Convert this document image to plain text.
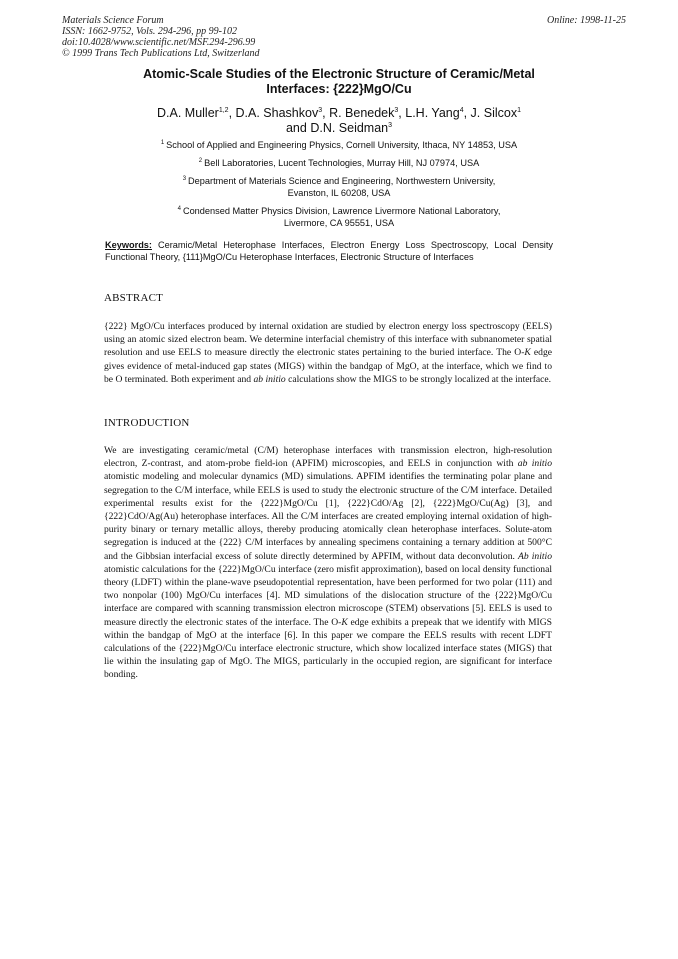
Materials Science Forum
ISSN: 1662-9752, Vols. 294-296, pp 99-102
doi:10.4028/www.scientific.net/MSF.294-296.99
© 1999 Trans Tech Publications Ltd, Switzerland
Online: 1998-11-25
Atomic-Scale Studies of the Electronic Structure of Ceramic/Metal
Interfaces: {222}MgO/Cu
D.A. Muller$^{1,2}$, D.A. Shashkov$^3$, R. Benedek$^3$, L.H. Yang$^4$, J. Silcox$^1$
and D.N. Seidman$^3$
$^1$ School of Applied and Engineering Physics, Cornell University, Ithaca, NY 14853, USA
$^2$ Bell Laboratories, Lucent Technologies, Murray Hill, NJ 07974, USA
$^3$ Department of Materials Science and Engineering, Northwestern University,
Evanston, IL 60208, USA
$^4$ Condensed Matter Physics Division, Lawrence Livermore National Laboratory,
Livermore, CA 95551, USA
Keywords: Ceramic/Metal Heterophase Interfaces, Electron Energy Loss Spectroscopy, Local Density Functional Theory, {111}MgO/Cu Heterophase Interfaces, Electronic Structure of Interfaces
ABSTRACT
{222} MgO/Cu interfaces produced by internal oxidation are studied by electron energy loss spectroscopy (EELS) using an atomic sized electron beam. We determine interfacial chemistry of this interface with subnanometer spatial resolution and use EELS to measure directly the electronic states pertaining to the buried interface. The O-K edge gives evidence of metal-induced gap states (MIGS) within the bandgap of MgO, at the interface, which we find to be O terminated. Both experiment and ab initio calculations show the MIGS to be strongly localized at the interface.
INTRODUCTION
We are investigating ceramic/metal (C/M) heterophase interfaces with transmission electron, high-resolution electron, Z-contrast, and atom-probe field-ion (APFIM) microscopies, and EELS in conjunction with ab initio atomistic modeling and molecular dynamics (MD) simulations. APFIM identifies the terminating polar plane and segregation to the C/M interface, while EELS is used to study the electronic structure of the C/M interface. Detailed experimental results exist for the {222}MgO/Cu [1], {222}CdO/Ag [2], {222}MgO/Cu(Ag) [3], and {222}CdO/Ag(Au) heterophase interfaces. All the C/M interfaces are created employing internal oxidation of high-purity binary or ternary metallic alloys, thereby producing atomically clean heterophase interfaces. Solute-atom segregation is induced at the {222} C/M interfaces by annealing specimens containing a ternary addition at 500°C and the Gibbsian interfacial excess of solute directly determined by APFIM, without data deconvolution. Ab initio atomistic calculations for the {222}MgO/Cu interface (zero misfit approximation), based on local density functional theory (LDFT) within the plane-wave pseudopotential representation, have been performed for two polar (111) and two nonpolar (100) MgO/Cu interfaces [4]. MD simulations of the dislocation structure of the {222}MgO/Cu interface are compared with scanning transmission electron microscope (STEM) observations [5]. EELS is used to measure directly the electronic states of the interface. The O-K edge exhibits a prepeak that we identify with MIGS within the bandgap of MgO at the interface [6]. In this paper we compare the EELS results with recent LDFT calculations of the {222}MgO/Cu interface electronic structure, which show localized interface states (MIGS) that lie within the insulating gap of MgO. The MIGS, particularly in the occupied region, are significant for interface bonding.
